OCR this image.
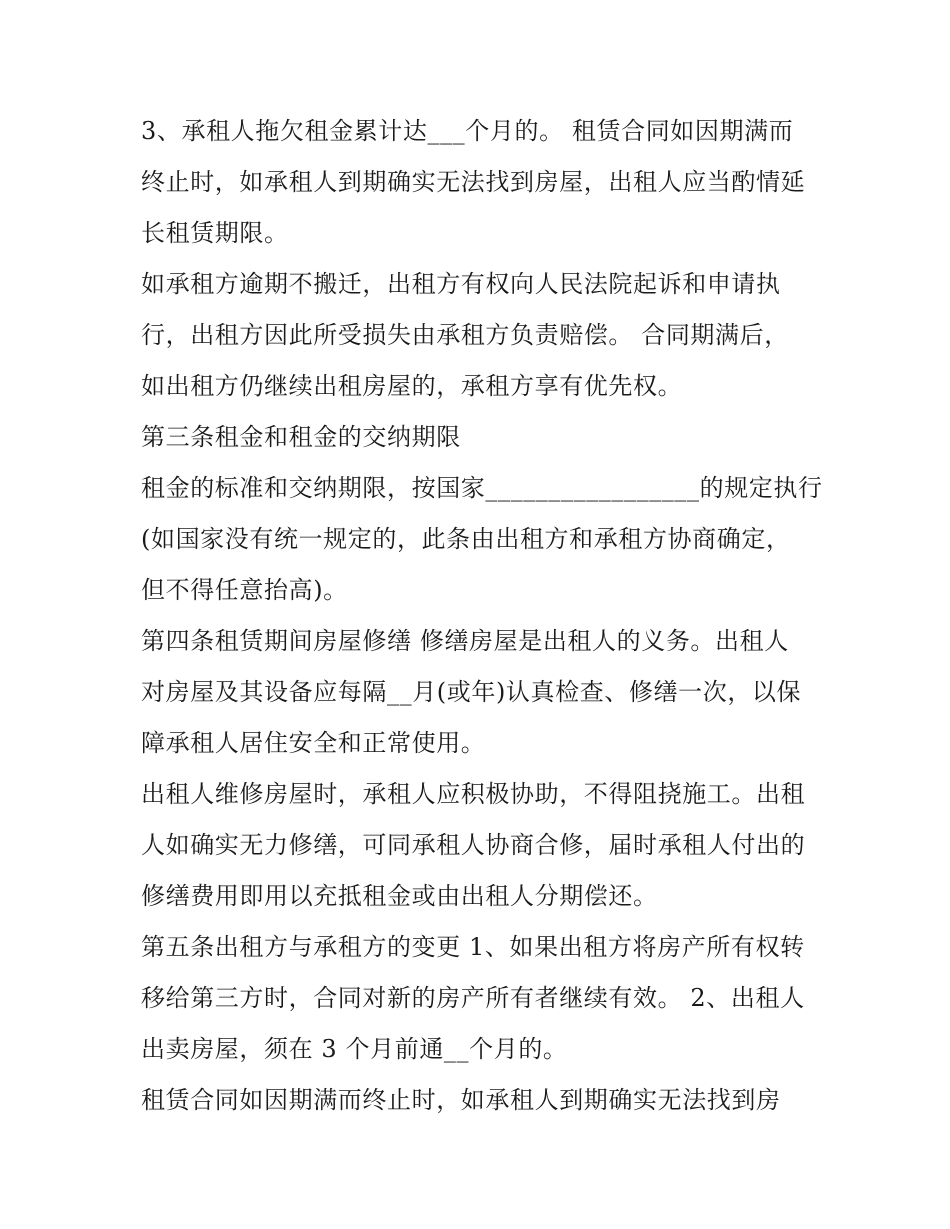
3、承租人拖欠租金累计达___个月的。 租赁合同如因期满而
终止时，如承租人到期确实无法找到房屋，出租人应当酌情延
长租赁期限。
如承租方逾期不搬迁，出租方有权向人民法院起诉和申请执
行，出租方因此所受损失由承租方负责赔偿。 合同期满后，
如出租方仍继续出租房屋的，承租方享有优先权。
第三条租金和租金的交纳期限
租金的标准和交纳期限，按国家_________________的规定执行
(如国家没有统一规定的，此条由出租方和承租方协商确定，
但不得任意抬高)。
第四条租赁期间房屋修缮 修缮房屋是出租人的义务。出租人
对房屋及其设备应每隔__月(或年)认真检查、修缮一次，以保
障承租人居住安全和正常使用。
出租人维修房屋时，承租人应积极协助，不得阻挠施工。出租
人如确实无力修缮，可同承租人协商合修，届时承租人付出的
修缮费用即用以充抵租金或由出租人分期偿还。
第五条出租方与承租方的变更 1、如果出租方将房产所有权转
移给第三方时，合同对新的房产所有者继续有效。 2、出租人
出卖房屋，须在 3 个月前通__个月的。
租赁合同如因期满而终止时，如承租人到期确实无法找到房
